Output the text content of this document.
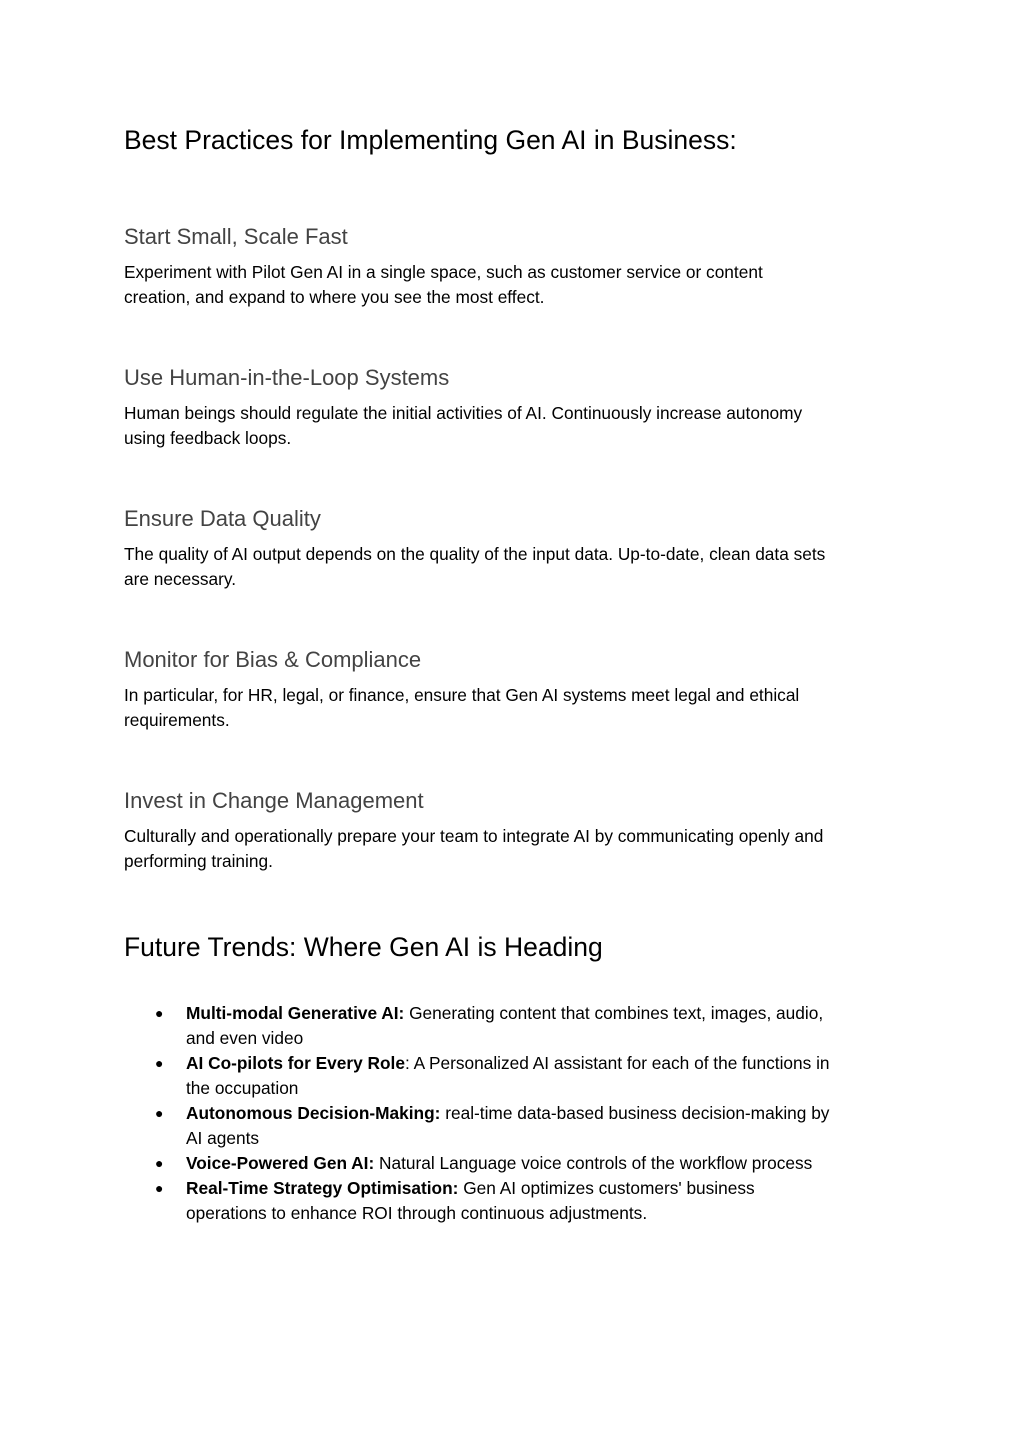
Best Practices for Implementing Gen AI in Business:
Start Small, Scale Fast
Experiment with Pilot Gen AI in a single space, such as customer service or content
creation, and expand to where you see the most effect.
Use Human-in-the-Loop Systems
Human beings should regulate the initial activities of AI. Continuously increase autonomy
using feedback loops.
Ensure Data Quality
The quality of AI output depends on the quality of the input data. Up-to-date, clean data sets
are necessary.
Monitor for Bias & Compliance
In particular, for HR, legal, or finance, ensure that Gen AI systems meet legal and ethical
requirements.
Invest in Change Management
Culturally and operationally prepare your team to integrate AI by communicating openly and
performing training.
Future Trends: Where Gen AI is Heading
● Multi-modal Generative AI: Generating content that combines text, images, audio,
and even video
● AI Co-pilots for Every Role: A Personalized AI assistant for each of the functions in
the occupation
● Autonomous Decision-Making: real-time data-based business decision-making by
AI agents
● Voice-Powered Gen AI: Natural Language voice controls of the workflow process
● Real-Time Strategy Optimisation: Gen AI optimizes customers' business
operations to enhance ROI through continuous adjustments.
